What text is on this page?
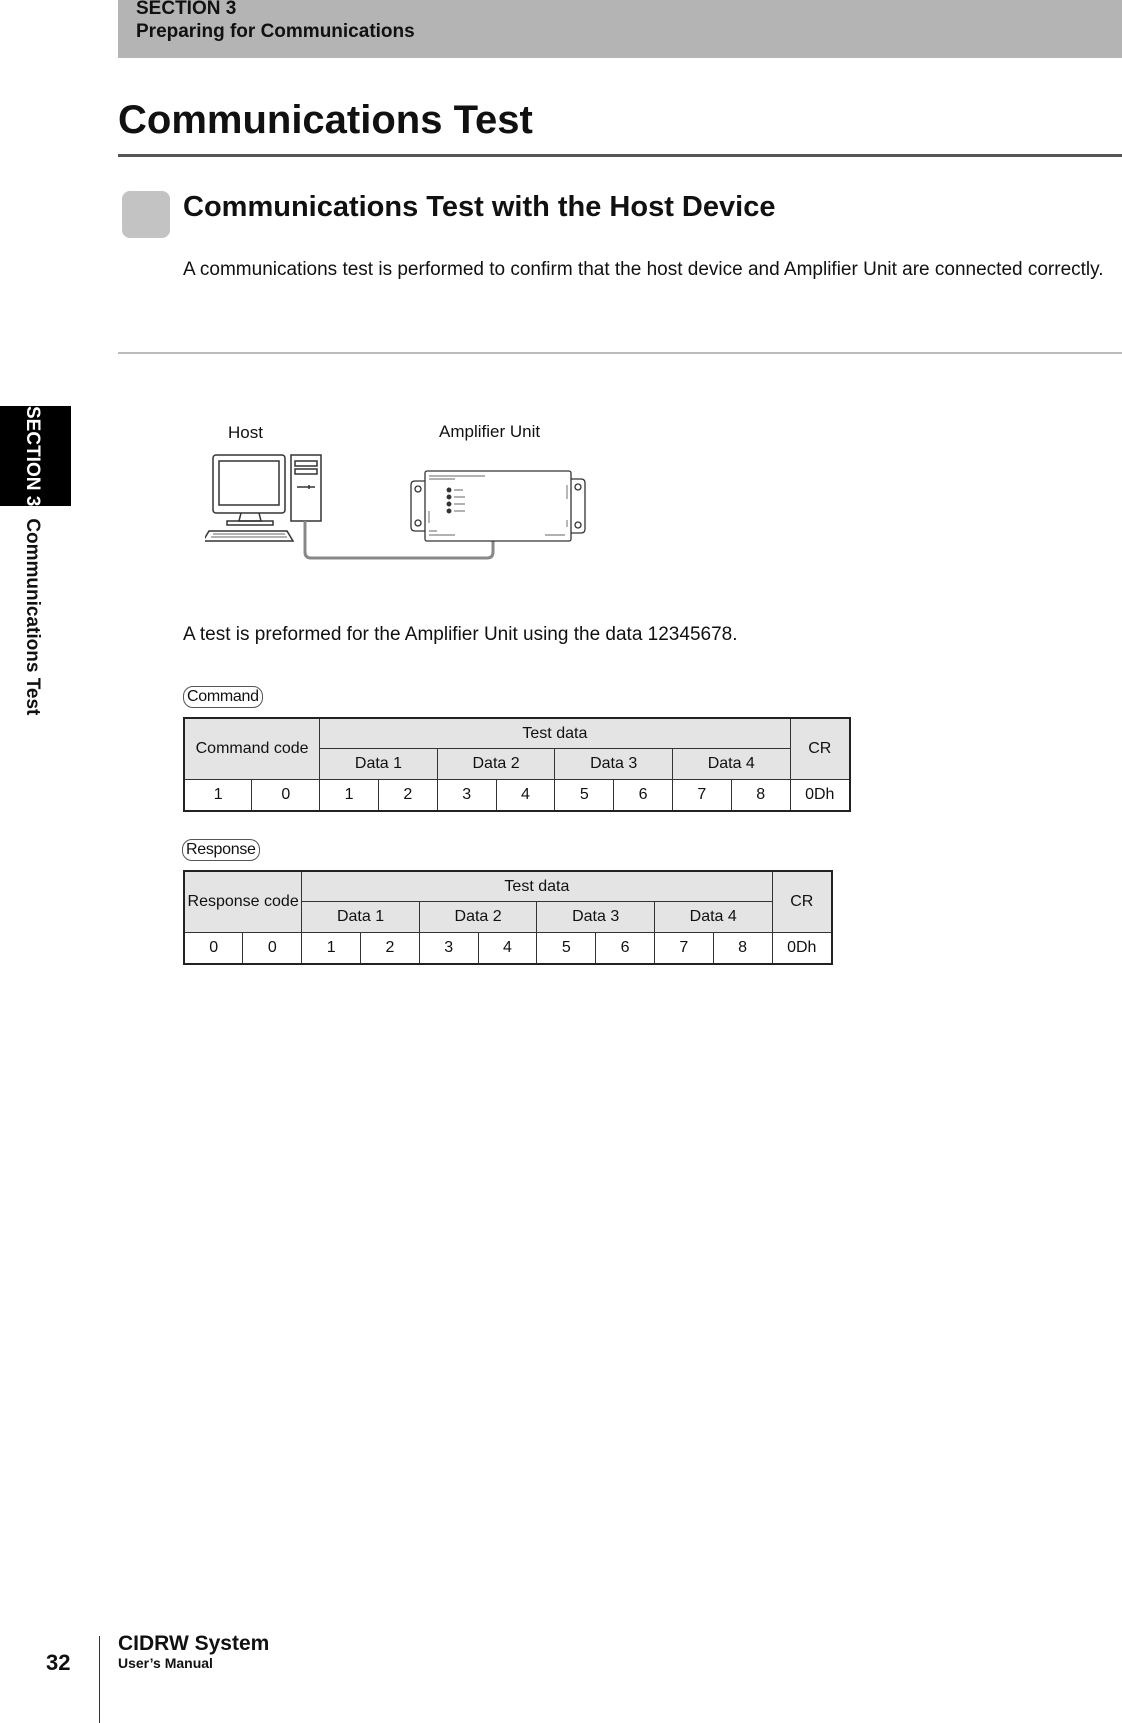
SECTION 3
Preparing for Communications
Communications Test
Communications Test with the Host Device
A communications test is performed to confirm that the host device and Amplifier Unit are connected correctly.
SECTION 3Communications Test
Host	Amplifier Unit
A test is preformed for the Amplifier Unit using the data 12345678.
Command
Command code		Test data								CR
		Data 1		Data 2		Data 3		Data 4		
1	0	1	2	3	4	5	6	7	8	0Dh
Response
Response code		Test data								CR
		Data 1		Data 2		Data 3		Data 4		
0	0	1	2	3	4	5	6	7	8	0Dh
32
CIDRW System
User’s Manual
